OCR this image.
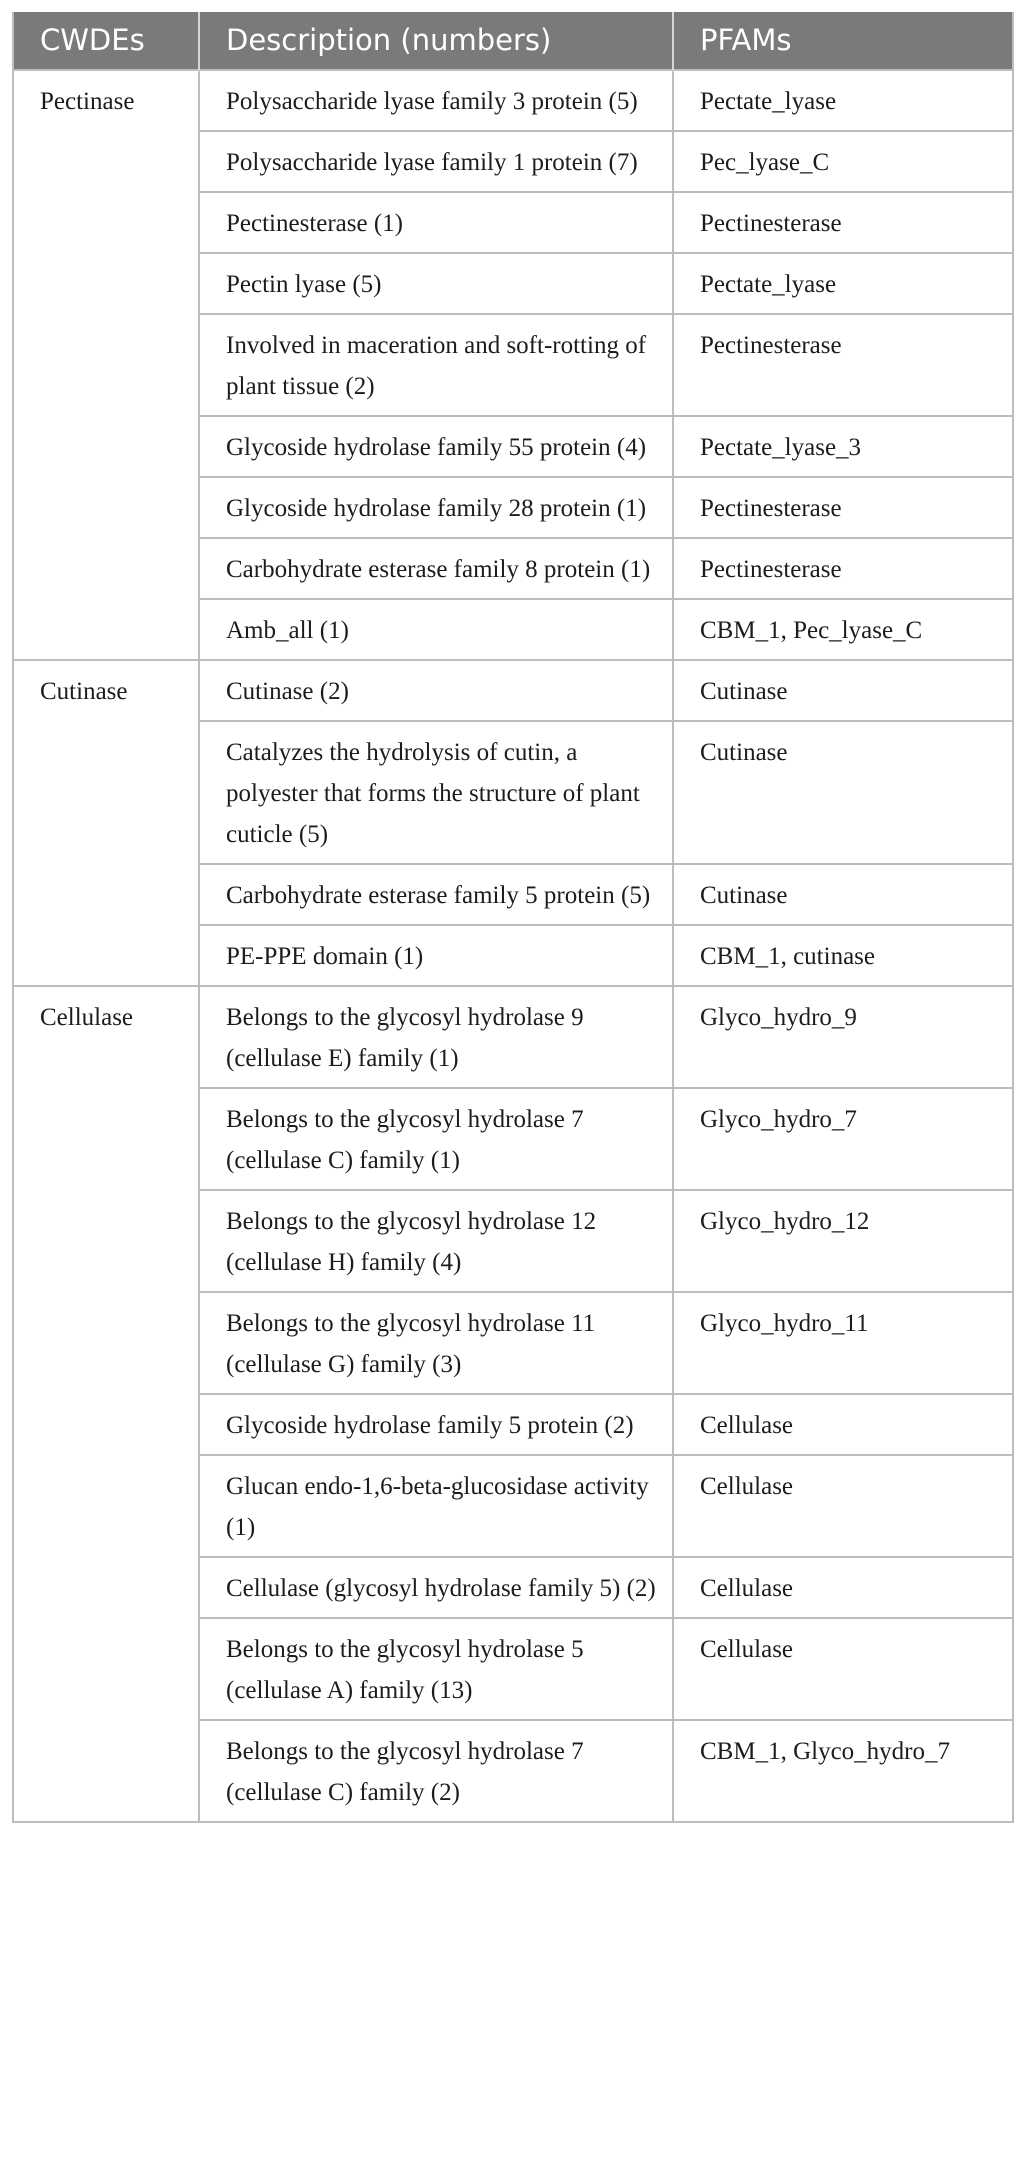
CWDEs	Description (numbers)	PFAMs
Pectinase	Polysaccharide lyase family 3 protein (5)	Pectate_lyase
	Polysaccharide lyase family 1 protein (7)	Pec_lyase_C
	Pectinesterase (1)	Pectinesterase
	Pectin lyase (5)	Pectate_lyase
	Involved in maceration and soft-rotting of plant tissue (2)	Pectinesterase
	Glycoside hydrolase family 55 protein (4)	Pectate_lyase_3
	Glycoside hydrolase family 28 protein (1)	Pectinesterase
	Carbohydrate esterase family 8 protein (1)	Pectinesterase
	Amb_all (1)	CBM_1, Pec_lyase_C
Cutinase	Cutinase (2)	Cutinase
	Catalyzes the hydrolysis of cutin, a polyester that forms the structure of plant cuticle (5)	Cutinase
	Carbohydrate esterase family 5 protein (5)	Cutinase
	PE-PPE domain (1)	CBM_1, cutinase
Cellulase	Belongs to the glycosyl hydrolase 9 (cellulase E) family (1)	Glyco_hydro_9
	Belongs to the glycosyl hydrolase 7 (cellulase C) family (1)	Glyco_hydro_7
	Belongs to the glycosyl hydrolase 12 (cellulase H) family (4)	Glyco_hydro_12
	Belongs to the glycosyl hydrolase 11 (cellulase G) family (3)	Glyco_hydro_11
	Glycoside hydrolase family 5 protein (2)	Cellulase
	Glucan endo-1,6-beta-glucosidase activity (1)	Cellulase
	Cellulase (glycosyl hydrolase family 5) (2)	Cellulase
	Belongs to the glycosyl hydrolase 5 (cellulase A) family (13)	Cellulase
	Belongs to the glycosyl hydrolase 7 (cellulase C) family (2)	CBM_1, Glyco_hydro_7
